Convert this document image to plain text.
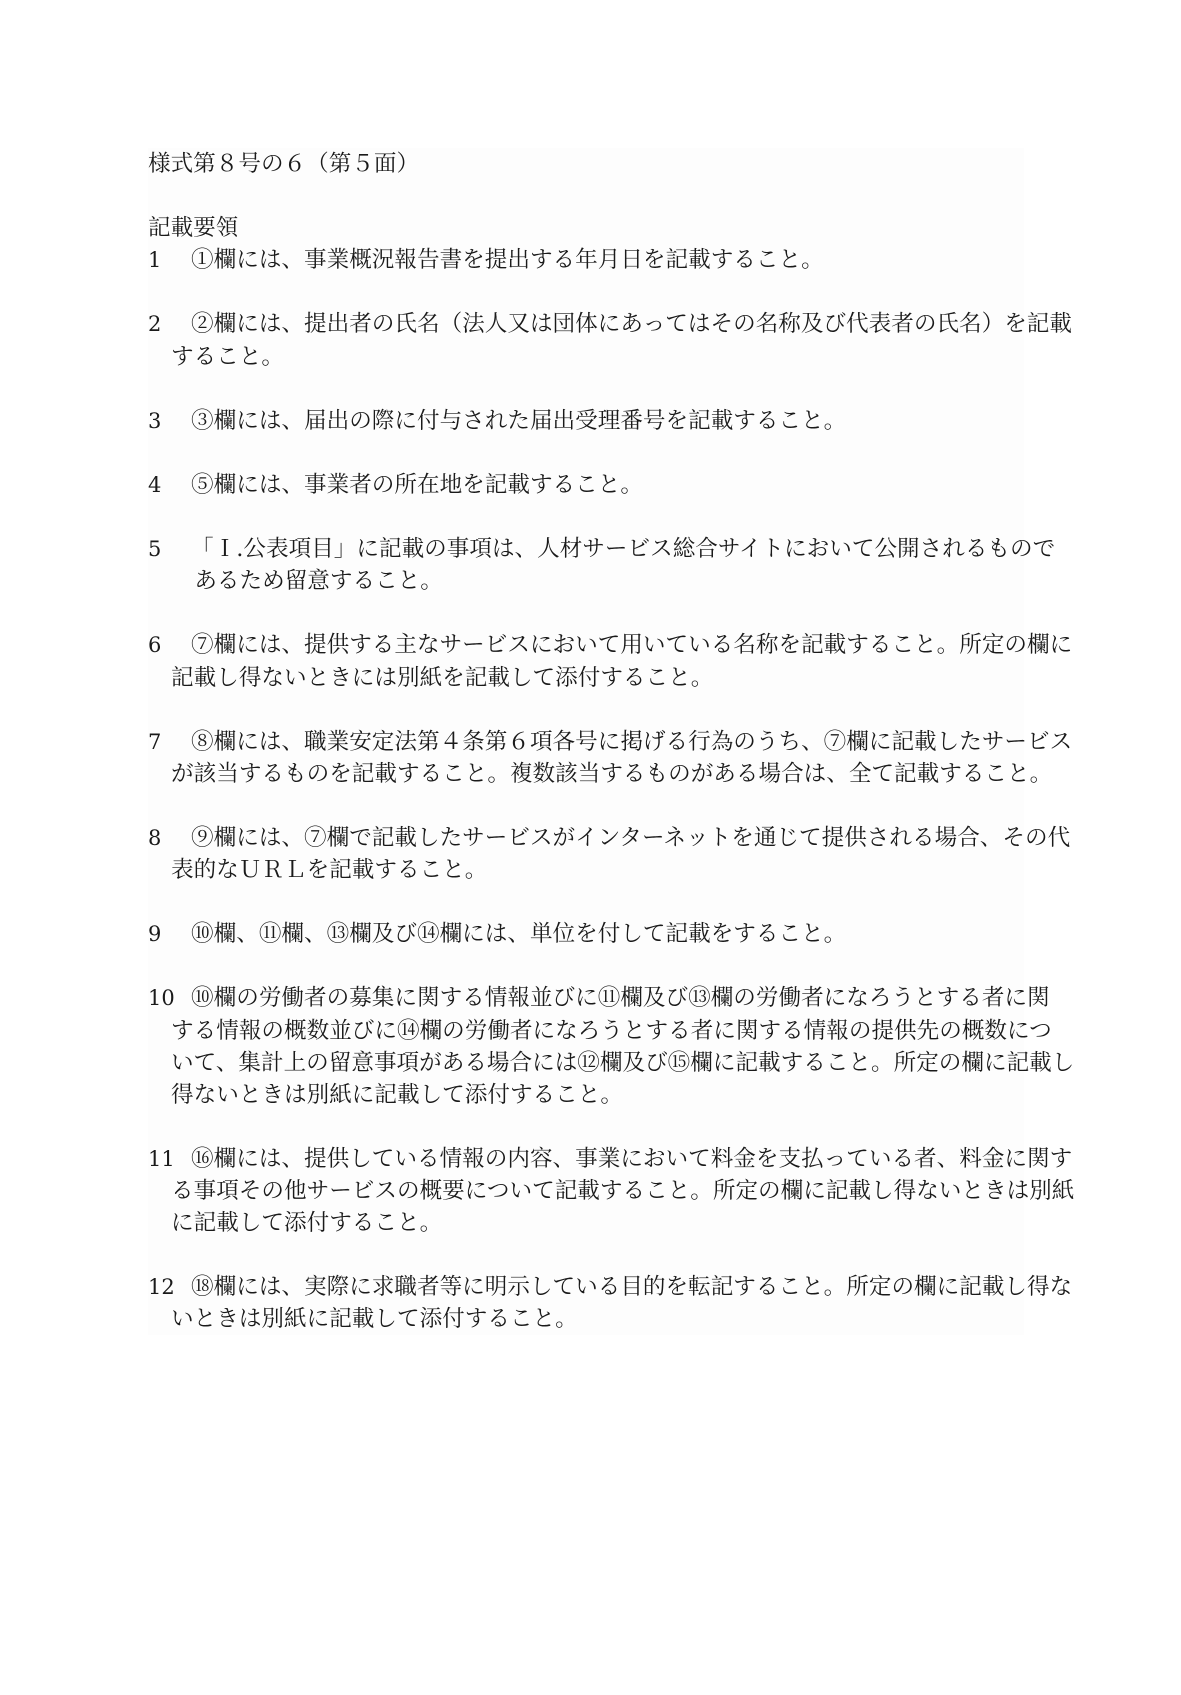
様式第８号の６（第５面）
記載要領
1	①欄には、事業概況報告書を提出する年月日を記載すること。
2	②欄には、提出者の氏名（法人又は団体にあってはその名称及び代表者の氏名）を記載
すること。
3	③欄には、届出の際に付与された届出受理番号を記載すること。
4	⑤欄には、事業者の所在地を記載すること。
5	「Ｉ.公表項目」に記載の事項は、人材サービス総合サイトにおいて公開されるもので
あるため留意すること。
6	⑦欄には、提供する主なサービスにおいて用いている名称を記載すること。所定の欄に
記載し得ないときには別紙を記載して添付すること。
7	⑧欄には、職業安定法第４条第６項各号に掲げる行為のうち、⑦欄に記載したサービス
が該当するものを記載すること。複数該当するものがある場合は、全て記載すること。
8	⑨欄には、⑦欄で記載したサービスがインターネットを通じて提供される場合、その代
表的なＵＲＬを記載すること。
9	⑩欄、⑪欄、⑬欄及び⑭欄には、単位を付して記載をすること。
10 ⑩欄の労働者の募集に関する情報並びに⑪欄及び⑬欄の労働者になろうとする者に関
する情報の概数並びに⑭欄の労働者になろうとする者に関する情報の提供先の概数につ
いて、集計上の留意事項がある場合には⑫欄及び⑮欄に記載すること。所定の欄に記載し
得ないときは別紙に記載して添付すること。
11 ⑯欄には、提供している情報の内容、事業において料金を支払っている者、料金に関す
る事項その他サービスの概要について記載すること。所定の欄に記載し得ないときは別紙
に記載して添付すること。
12 ⑱欄には、実際に求職者等に明示している目的を転記すること。所定の欄に記載し得な
いときは別紙に記載して添付すること。
